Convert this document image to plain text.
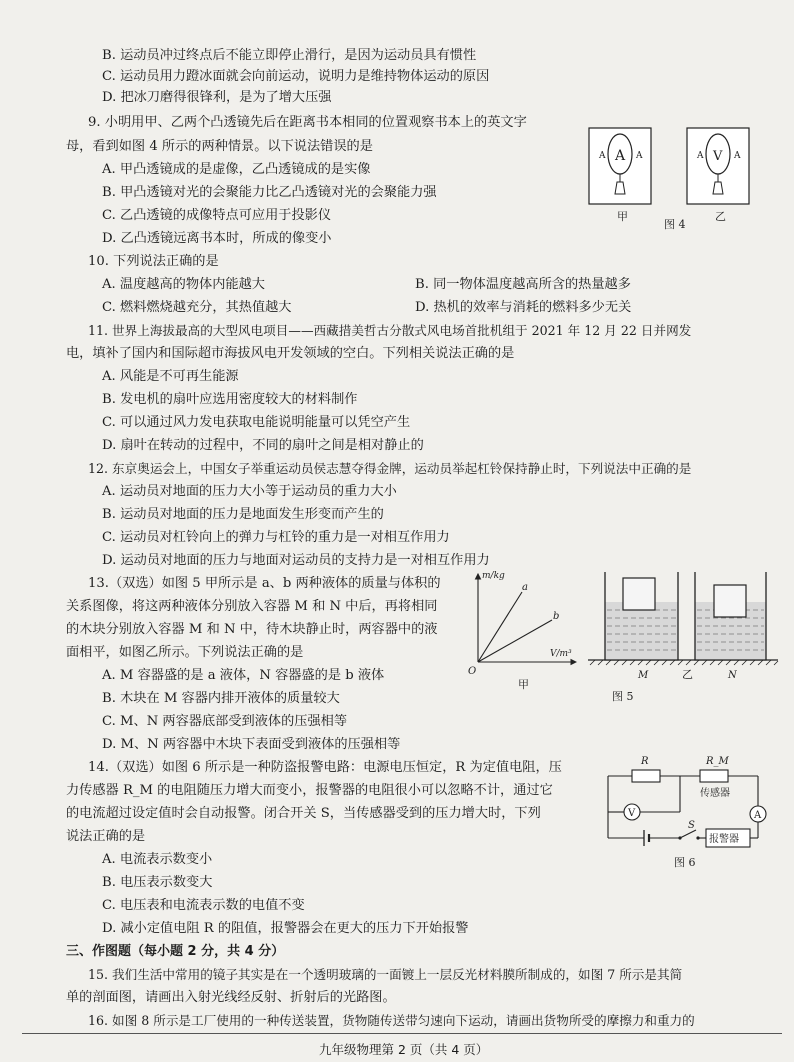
B. 运动员冲过终点后不能立即停止滑行，是因为运动员具有惯性
C. 运动员用力蹬冰面就会向前运动，说明力是维持物体运动的原因
D. 把冰刀磨得很锋利，是为了增大压强
9. 小明用甲、乙两个凸透镜先后在距离书本相同的位置观察书本上的英文字
母，看到如图 4 所示的两种情景。以下说法错误的是
A. 甲凸透镜成的是虚像，乙凸透镜成的是实像
B. 甲凸透镜对光的会聚能力比乙凸透镜对光的会聚能力强
C. 乙凸透镜的成像特点可应用于投影仪
D. 乙凸透镜远离书本时，所成的像变小
10. 下列说法正确的是
A. 温度越高的物体内能越大	B. 同一物体温度越高所含的热量越多
C. 燃料燃烧越充分，其热值越大	D. 热机的效率与消耗的燃料多少无关
11. 世界上海拔最高的大型风电项目——西藏措美哲古分散式风电场首批机组于 2021 年 12 月 22 日并网发
电，填补了国内和国际超市海拔风电开发领域的空白。下列相关说法正确的是
A. 风能是不可再生能源
B. 发电机的扇叶应选用密度较大的材料制作
C. 可以通过风力发电获取电能说明能量可以凭空产生
D. 扇叶在转动的过程中，不同的扇叶之间是相对静止的
12. 东京奥运会上，中国女子举重运动员侯志慧夺得金牌，运动员举起杠铃保持静止时，下列说法中正确的是
A. 运动员对地面的压力大小等于运动员的重力大小
B. 运动员对地面的压力是地面发生形变而产生的
C. 运动员对杠铃向上的弹力与杠铃的重力是一对相互作用力
D. 运动员对地面的压力与地面对运动员的支持力是一对相互作用力
13.（双选）如图 5 甲所示是 a、b 两种液体的质量与体积的
关系图像，将这两种液体分别放入容器 M 和 N 中后，再将相同
的木块分别放入容器 M 和 N 中，待木块静止时，两容器中的液
面相平，如图乙所示。下列说法正确的是
A. M 容器盛的是 a 液体，N 容器盛的是 b 液体
B. 木块在 M 容器内排开液体的质量较大
C. M、N 两容器底部受到液体的压强相等
D. M、N 两容器中木块下表面受到液体的压强相等
14.（双选）如图 6 所示是一种防盗报警电路：电源电压恒定，R 为定值电阻，压
力传感器 R_M 的电阻随压力增大而变小，报警器的电阻很小可以忽略不计，通过它
的电流超过设定值时会自动报警。闭合开关 S，当传感器受到的压力增大时，下列
说法正确的是
A. 电流表示数变小
B. 电压表示数变大
C. 电压表和电流表示数的电值不变
D. 减小定值电阻 R 的阻值，报警器会在更大的压力下开始报警
三、作图题（每小题 2 分，共 4 分）
15. 我们生活中常用的镜子其实是在一个透明玻璃的一面镀上一层反光材料膜所制成的，如图 7 所示是其简
单的剖面图，请画出入射光线经反射、折射后的光路图。
16. 如图 8 所示是工厂使用的一种传送装置，货物随传送带匀速向下运动，请画出货物所受的摩擦力和重力的
九年级物理第 2 页（共 4 页）
A A A
甲
A V A
乙
图 4
m/kg
V/m³
O
a
b
甲
M	乙	N
图 5
R	R_M
传感器
V	A
S
报警器
图 6
